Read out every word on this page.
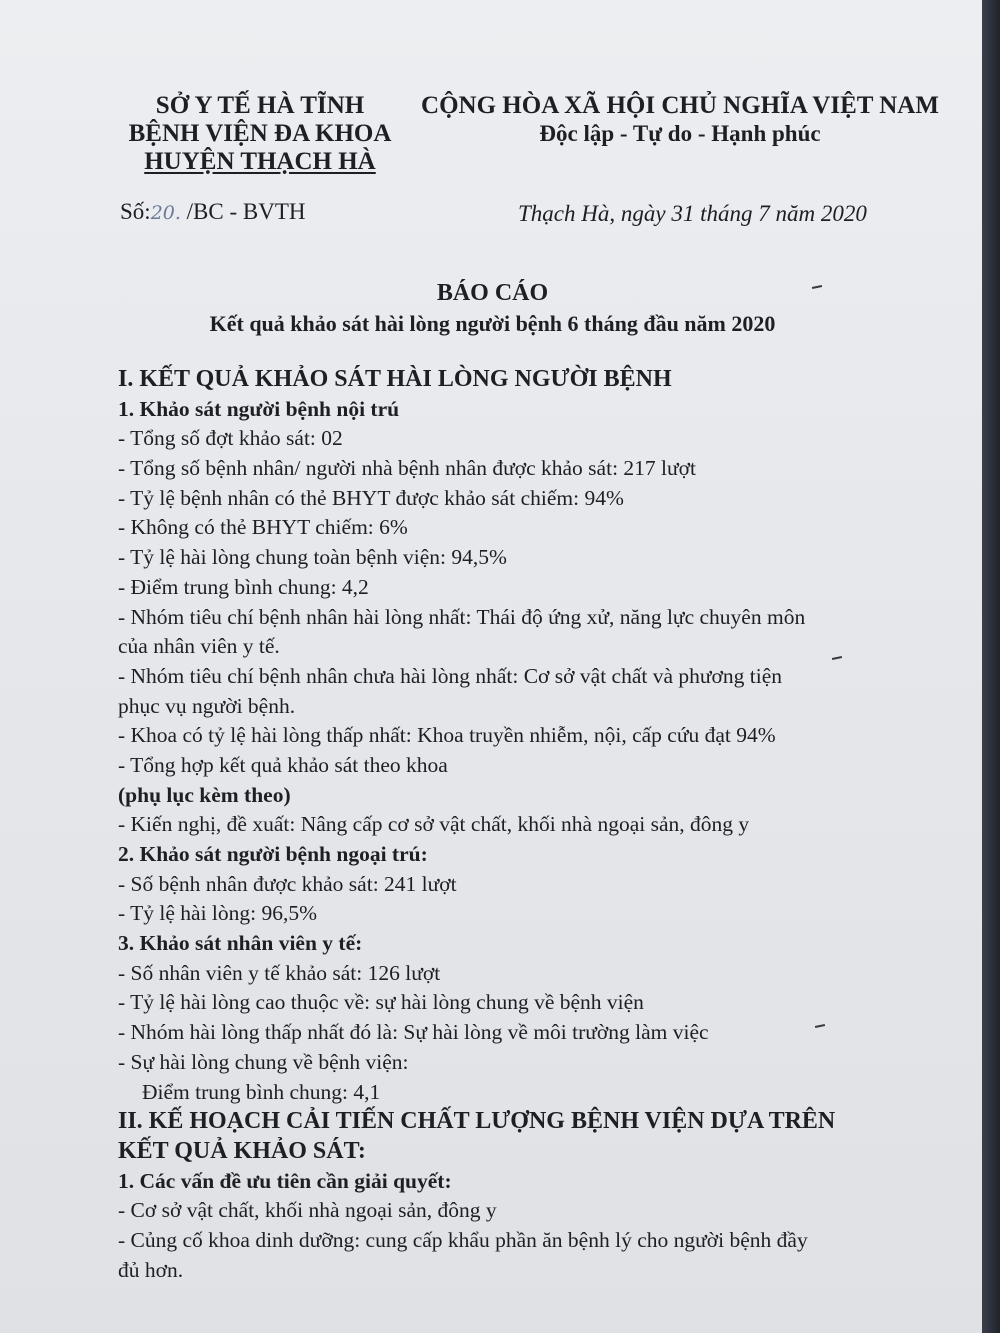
SỞ Y TẾ HÀ TĨNH
BỆNH VIỆN ĐA KHOA
HUYỆN THẠCH HÀ
CỘNG HÒA XÃ HỘI CHỦ NGHĨA VIỆT NAM
Độc lập - Tự do - Hạnh phúc
Số:20. /BC - BVTH	Thạch Hà, ngày 31 tháng 7 năm 2020
BÁO CÁO
Kết quả khảo sát hài lòng người bệnh 6 tháng đầu năm 2020
I. KẾT QUẢ KHẢO SÁT HÀI LÒNG NGƯỜI BỆNH
1. Khảo sát người bệnh nội trú
- Tổng số đợt khảo sát: 02
- Tổng số bệnh nhân/ người nhà bệnh nhân được khảo sát: 217 lượt
- Tỷ lệ bệnh nhân có thẻ BHYT được khảo sát chiếm: 94%
- Không có thẻ BHYT chiếm: 6%
- Tỷ lệ hài lòng chung toàn bệnh viện: 94,5%
- Điểm trung bình chung: 4,2
- Nhóm tiêu chí bệnh nhân hài lòng nhất: Thái độ ứng xử, năng lực chuyên môn
của nhân viên y tế.
- Nhóm tiêu chí bệnh nhân chưa hài lòng nhất: Cơ sở vật chất và phương tiện
phục vụ người bệnh.
- Khoa có tỷ lệ hài lòng thấp nhất: Khoa truyền nhiễm, nội, cấp cứu đạt 94%
- Tổng hợp kết quả khảo sát theo khoa
(phụ lục kèm theo)
- Kiến nghị, đề xuất: Nâng cấp cơ sở vật chất, khối nhà ngoại sản, đông y
2. Khảo sát người bệnh ngoại trú:
- Số bệnh nhân được khảo sát: 241 lượt
- Tỷ lệ hài lòng: 96,5%
3. Khảo sát nhân viên y tế:
- Số nhân viên y tế khảo sát: 126 lượt
- Tỷ lệ hài lòng cao thuộc về: sự hài lòng chung về bệnh viện
- Nhóm hài lòng thấp nhất đó là: Sự hài lòng về môi trường làm việc
- Sự hài lòng chung về bệnh viện:
Điểm trung bình chung: 4,1
II. KẾ HOẠCH CẢI TIẾN CHẤT LƯỢNG BỆNH VIỆN DỰA TRÊN
KẾT QUẢ KHẢO SÁT:
1. Các vấn đề ưu tiên cần giải quyết:
- Cơ sở vật chất, khối nhà ngoại sản, đông y
- Củng cố khoa dinh dưỡng: cung cấp khẩu phần ăn bệnh lý cho người bệnh đầy
đủ hơn.
